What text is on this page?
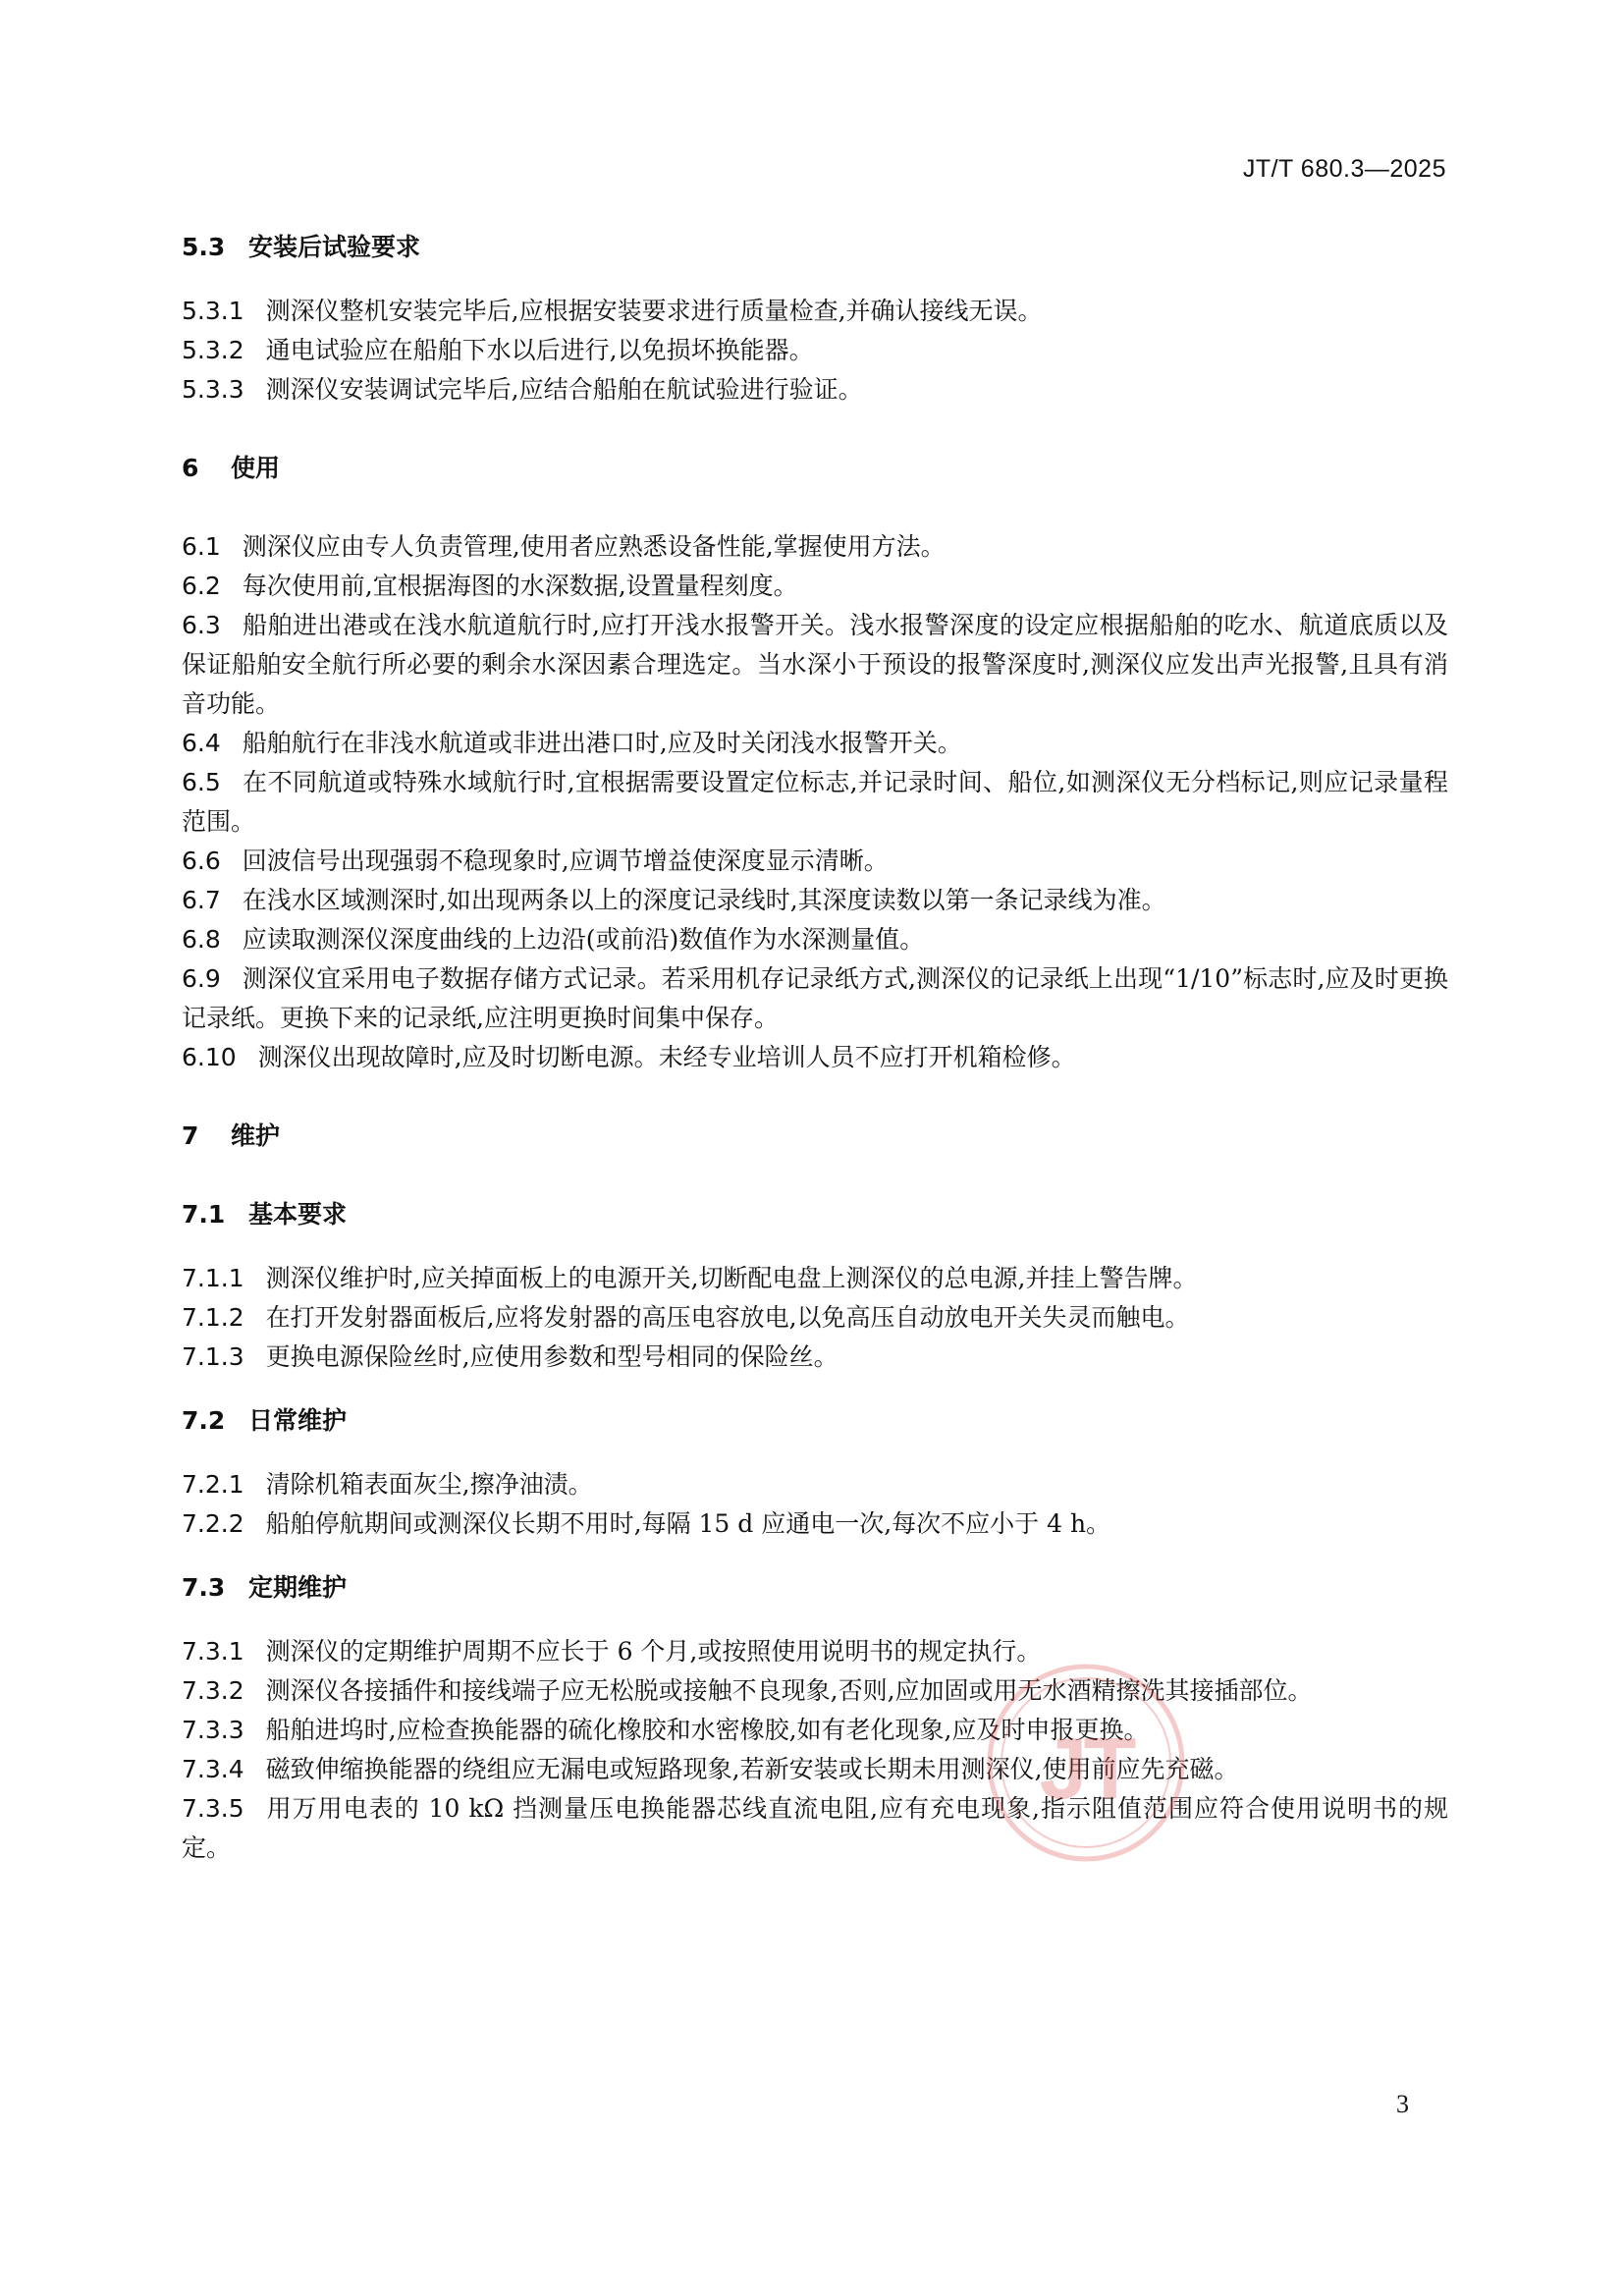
JT/T 680.3—2025
5.3 安装后试验要求

5.3.1 测深仪整机安装完毕后,应根据安装要求进行质量检查,并确认接线无误。

5.3.2 通电试验应在船舶下水以后进行,以免损坏换能器。

5.3.3 测深仪安装调试完毕后,应结合船舶在航试验进行验证。

6 使用

6.1 测深仪应由专人负责管理,使用者应熟悉设备性能,掌握使用方法。

6.2 每次使用前,宜根据海图的水深数据,设置量程刻度。

6.3 船舶进出港或在浅水航道航行时,应打开浅水报警开关。浅水报警深度的设定应根据船舶的吃水、航道底质以及保证船舶安全航行所必要的剩余水深因素合理选定。当水深小于预设的报警深度时,测深仪应发出声光报警,且具有消音功能。

6.4 船舶航行在非浅水航道或非进出港口时,应及时关闭浅水报警开关。

6.5 在不同航道或特殊水域航行时,宜根据需要设置定位标志,并记录时间、船位,如测深仪无分档标记,则应记录量程范围。

6.6 回波信号出现强弱不稳现象时,应调节增益使深度显示清晰。

6.7 在浅水区域测深时,如出现两条以上的深度记录线时,其深度读数以第一条记录线为准。

6.8 应读取测深仪深度曲线的上边沿(或前沿)数值作为水深测量值。

6.9 测深仪宜采用电子数据存储方式记录。若采用机存记录纸方式,测深仪的记录纸上出现“1/10”标志时,应及时更换记录纸。更换下来的记录纸,应注明更换时间集中保存。

6.10 测深仪出现故障时,应及时切断电源。未经专业培训人员不应打开机箱检修。

7 维护
7.1 基本要求

7.1.1 测深仪维护时,应关掉面板上的电源开关,切断配电盘上测深仪的总电源,并挂上警告牌。

7.1.2 在打开发射器面板后,应将发射器的高压电容放电,以免高压自动放电开关失灵而触电。

7.1.3 更换电源保险丝时,应使用参数和型号相同的保险丝。

7.2 日常维护

7.2.1 清除机箱表面灰尘,擦净油渍。

7.2.2 船舶停航期间或测深仪长期不用时,每隔 15 d 应通电一次,每次不应小于 4 h。

7.3 定期维护

7.3.1 测深仪的定期维护周期不应长于 6 个月,或按照使用说明书的规定执行。

7.3.2 测深仪各接插件和接线端子应无松脱或接触不良现象,否则,应加固或用无水酒精擦洗其接插部位。

7.3.3 船舶进坞时,应检查换能器的硫化橡胶和水密橡胶,如有老化现象,应及时申报更换。

7.3.4 磁致伸缩换能器的绕组应无漏电或短路现象,若新安装或长期未用测深仪,使用前应先充磁。

7.3.5 用万用电表的 10 kΩ 挡测量压电换能器芯线直流电阻,应有充电现象,指示阻值范围应符合使用说明书的规定。

JT
3
